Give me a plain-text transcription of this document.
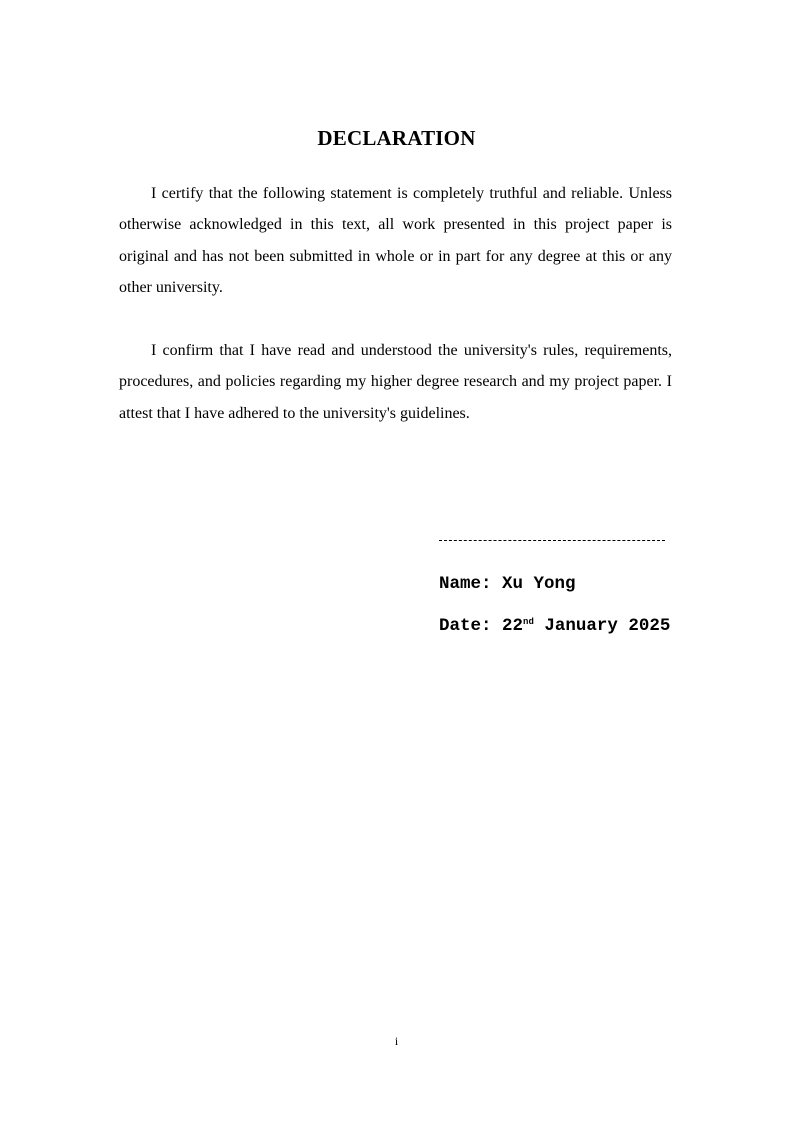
DECLARATION

I certify that the following statement is completely truthful and reliable. Unless otherwise acknowledged in this text, all work presented in this project paper is original and has not been submitted in whole or in part for any degree at this or any other university.

I confirm that I have read and understood the university's rules, requirements, procedures, and policies regarding my higher degree research and my project paper. I attest that I have adhered to the university's guidelines.

Name: Xu Yong
Date: 22nd January 2025
i
